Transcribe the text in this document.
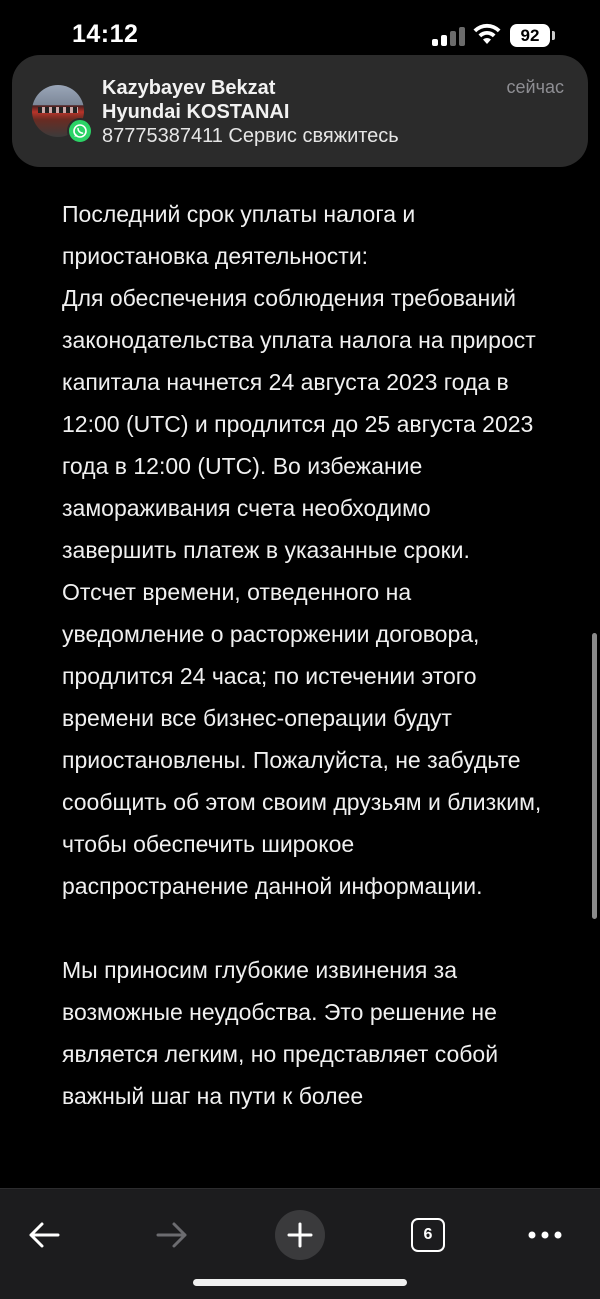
14:12	92
Kazybayev Bekzat
Hyundai KOSTANAI
87775387411 Сервис свяжитесь
сейчас

Последний срок уплаты налога и приостановка деятельности:

Для обеспечения соблюдения требований законодательства уплата налога на прирост капитала начнется 24 августа 2023 года в 12:00 (UTC) и продлится до 25 августа 2023 года в 12:00 (UTC). Во избежание замораживания счета необходимо завершить платеж в указанные сроки. Отсчет времени, отведенного на уведомление о расторжении договора, продлится 24 часа; по истечении этого времени все бизнес-операции будут приостановлены. Пожалуйста, не забудьте сообщить об этом своим друзьям и близким, чтобы обеспечить широкое распространение данной информации.

Мы приносим глубокие извинения за возможные неудобства. Это решение не является легким, но представляет собой важный шаг на пути к более

6
